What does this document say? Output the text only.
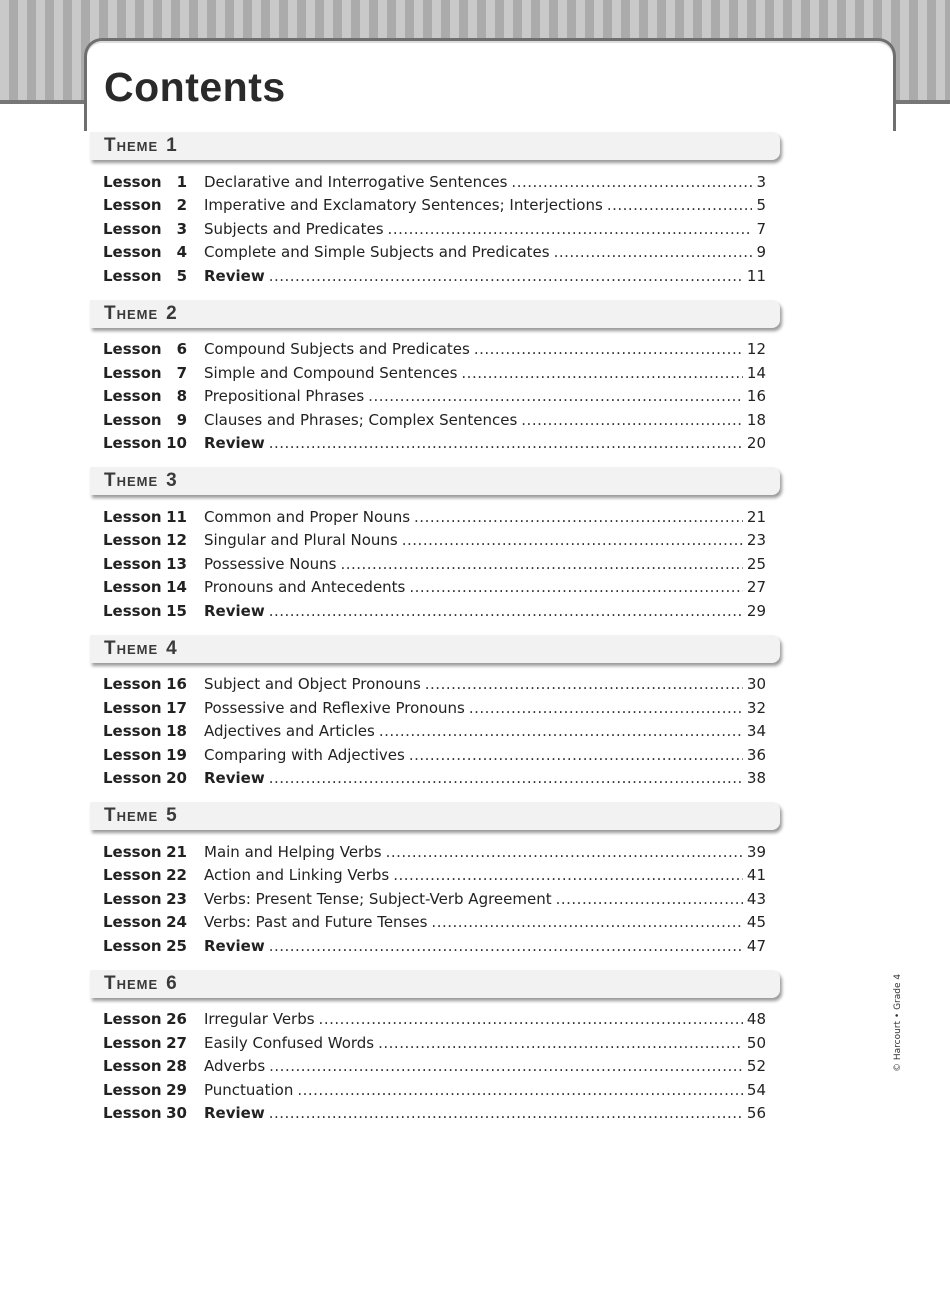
Contents
Theme 1
Lesson 1 Declarative and Interrogative Sentences .....	3
Lesson 2 Imperative and Exclamatory Sentences; Interjections .....	5
Lesson 3 Subjects and Predicates .....	7
Lesson 4 Complete and Simple Subjects and Predicates .....	9
Lesson 5 Review .....	11
Theme 2
Lesson 6 Compound Subjects and Predicates .....	12
Lesson 7 Simple and Compound Sentences .....	14
Lesson 8 Prepositional Phrases .....	16
Lesson 9 Clauses and Phrases; Complex Sentences .....	18
Lesson 10 Review .....	20
Theme 3
Lesson 11 Common and Proper Nouns .....	21
Lesson 12 Singular and Plural Nouns .....	23
Lesson 13 Possessive Nouns .....	25
Lesson 14 Pronouns and Antecedents .....	27
Lesson 15 Review .....	29
Theme 4
Lesson 16 Subject and Object Pronouns .....	30
Lesson 17 Possessive and Reflexive Pronouns .....	32
Lesson 18 Adjectives and Articles .....	34
Lesson 19 Comparing with Adjectives .....	36
Lesson 20 Review .....	38
Theme 5
Lesson 21 Main and Helping Verbs .....	39
Lesson 22 Action and Linking Verbs .....	41
Lesson 23 Verbs: Present Tense; Subject-Verb Agreement .....	43
Lesson 24 Verbs: Past and Future Tenses .....	45
Lesson 25 Review .....	47
Theme 6
Lesson 26 Irregular Verbs .....	48
Lesson 27 Easily Confused Words .....	50
Lesson 28 Adverbs .....	52
Lesson 29 Punctuation .....	54
Lesson 30 Review .....	56
© Harcourt • Grade 4
